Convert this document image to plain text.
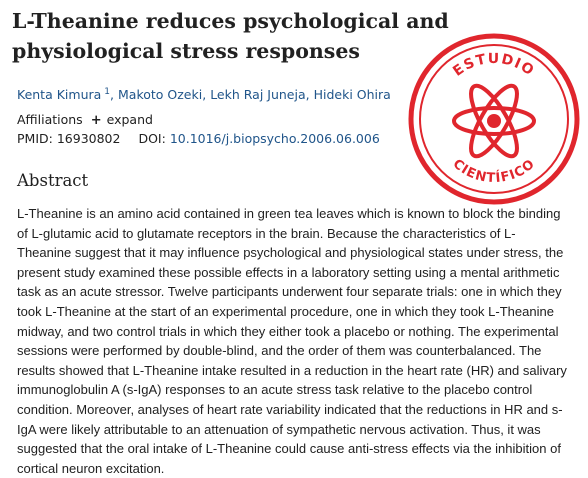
L-Theanine reduces psychological and physiological stress responses
Kenta Kimura $^1$, Makoto Ozeki, Lekh Raj Juneja, Hideki Ohira
Affiliations + expand
PMID: 16930802 DOI: 10.1016/j.biopsycho.2006.06.006
Abstract

L-Theanine is an amino acid contained in green tea leaves which is known to block the binding of L-glutamic acid to glutamate receptors in the brain. Because the characteristics of L-Theanine suggest that it may influence psychological and physiological states under stress, the present study examined these possible effects in a laboratory setting using a mental arithmetic task as an acute stressor. Twelve participants underwent four separate trials: one in which they took L-Theanine at the start of an experimental procedure, one in which they took L-Theanine midway, and two control trials in which they either took a placebo or nothing. The experimental sessions were performed by double-blind, and the order of them was counterbalanced. The results showed that L-Theanine intake resulted in a reduction in the heart rate (HR) and salivary immunoglobulin A (s-IgA) responses to an acute stress task relative to the placebo control condition. Moreover, analyses of heart rate variability indicated that the reductions in HR and s-IgA were likely attributable to an attenuation of sympathetic nervous activation. Thus, it was suggested that the oral intake of L-Theanine could cause anti-stress effects via the inhibition of cortical neuron excitation.

ESTUDIO
CIENTÍFICO
